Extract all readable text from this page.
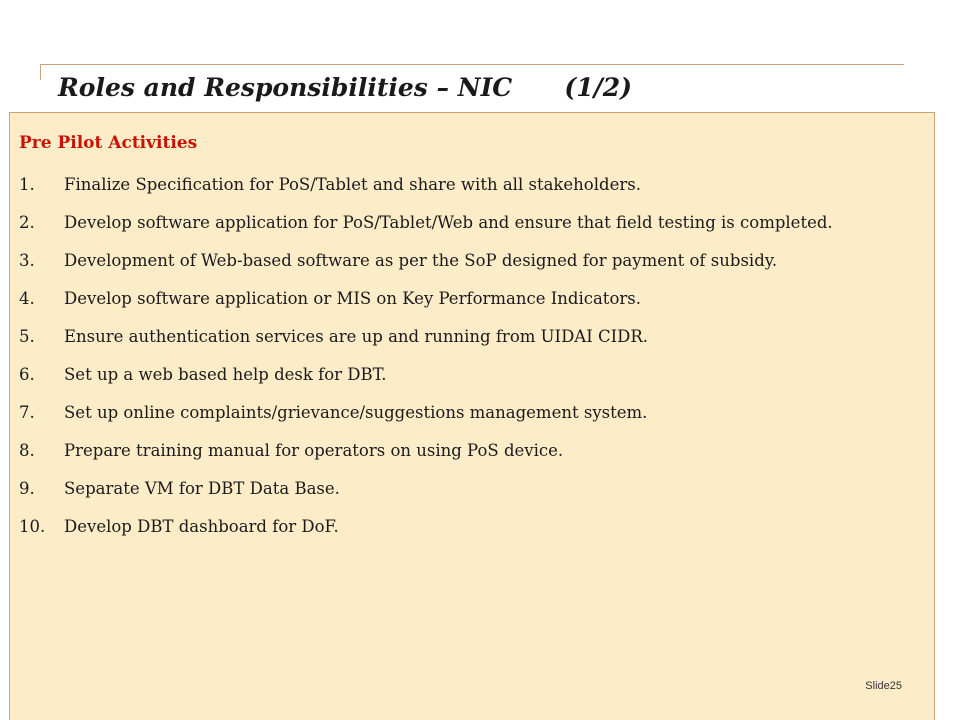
Roles and Responsibilities – NIC      (1/2)
Pre Pilot Activities
1. Finalize Specification for PoS/Tablet and share with all stakeholders.
2. Develop software application for PoS/Tablet/Web and ensure that field testing is completed.
3. Development of Web-based software as per the SoP designed for payment of subsidy.
4. Develop software application or MIS on Key Performance Indicators.
5. Ensure authentication services are up and running from UIDAI CIDR.
6. Set up a web based help desk for DBT.
7. Set up online complaints/grievance/suggestions management system.
8. Prepare training manual for operators on using PoS device.
9. Separate VM for DBT Data Base.
10. Develop DBT dashboard for DoF.
Slide25
